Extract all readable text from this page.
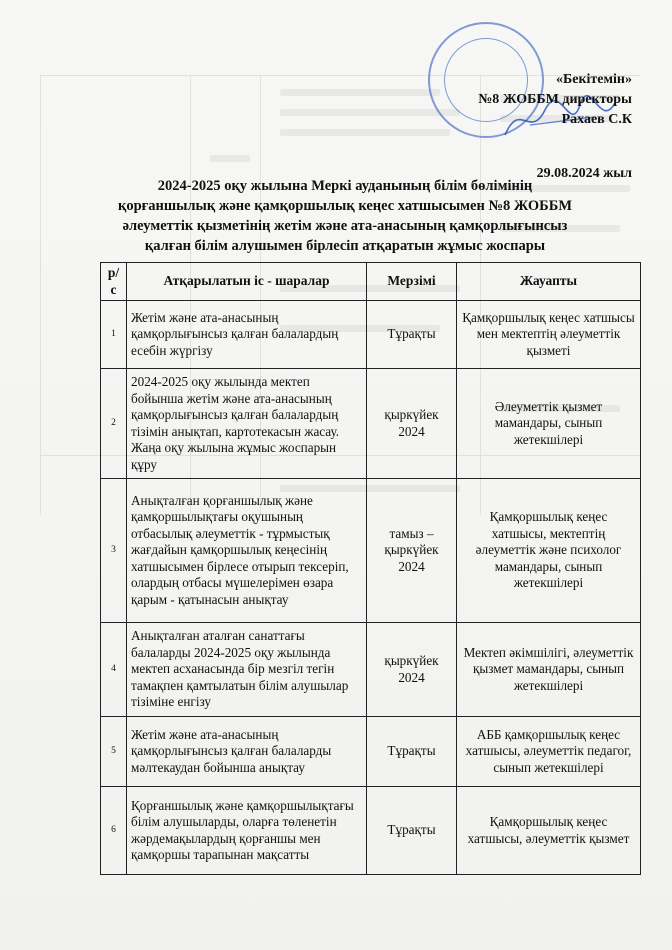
«Бекітемін»
№8 ЖОББМ директоры
Рахаев С.К
29.08.2024 жыл
2024-2025 оқу жылына Меркі ауданының білім бөлімінің қорғаншылық және қамқоршылық кеңес хатшысымен №8 ЖОББМ әлеуметтік қызметінің жетім және ата-анасының қамқорлығынсыз қалған білім алушымен бірлесіп атқаратын жұмыс жоспары
р/с	Атқарылатын іс - шаралар	Мерзімі	Жауапты
1	Жетім және ата-анасының қамқорлығынсыз қалған балалардың есебін жүргізу	Тұрақты	Қамқоршылық кеңес хатшысы мен мектептің әлеуметтік қызметі
2	2024-2025 оқу жылында мектеп бойынша жетім және ата-анасының қамқорлығынсыз қалған балалардың тізімін анықтап, картотекасын жасау. Жаңа оқу жылына жұмыс жоспарын құру	қыркүйек 2024	Әлеуметтік қызмет мамандары, сынып жетекшілері
3	Анықталған қорғаншылық және қамқоршылықтағы оқушының отбасылық әлеуметтік - тұрмыстық жағдайын қамқоршылық кеңесінің хатшысымен бірлесе отырып тексеріп, олардың отбасы мүшелерімен өзара қарым - қатынасын анықтау	тамыз – қыркүйек 2024	Қамқоршылық кеңес хатшысы, мектептің әлеуметтік және психолог мамандары, сынып жетекшілері
4	Анықталған аталған санаттағы балаларды 2024-2025 оқу жылында мектеп асханасында бір мезгіл тегін тамақпен қамтылатын білім алушылар тізіміне енгізу	қыркүйек 2024	Мектеп әкімшілігі, әлеуметтік қызмет мамандары, сынып жетекшілері
5	Жетім және ата-анасының қамқорлығынсыз қалған балаларды мәлтекаудан бойынша анықтау	Тұрақты	АББ қамқоршылық кеңес хатшысы, әлеуметтік педагог, сынып жетекшілері
6	Қорғаншылық және қамқоршылықтағы білім алушыларды, оларға төленетін жәрдемақылардың қорғаншы мен қамқоршы тарапынан мақсатты	Тұрақты	Қамқоршылық кеңес хатшысы, әлеуметтік қызмет
